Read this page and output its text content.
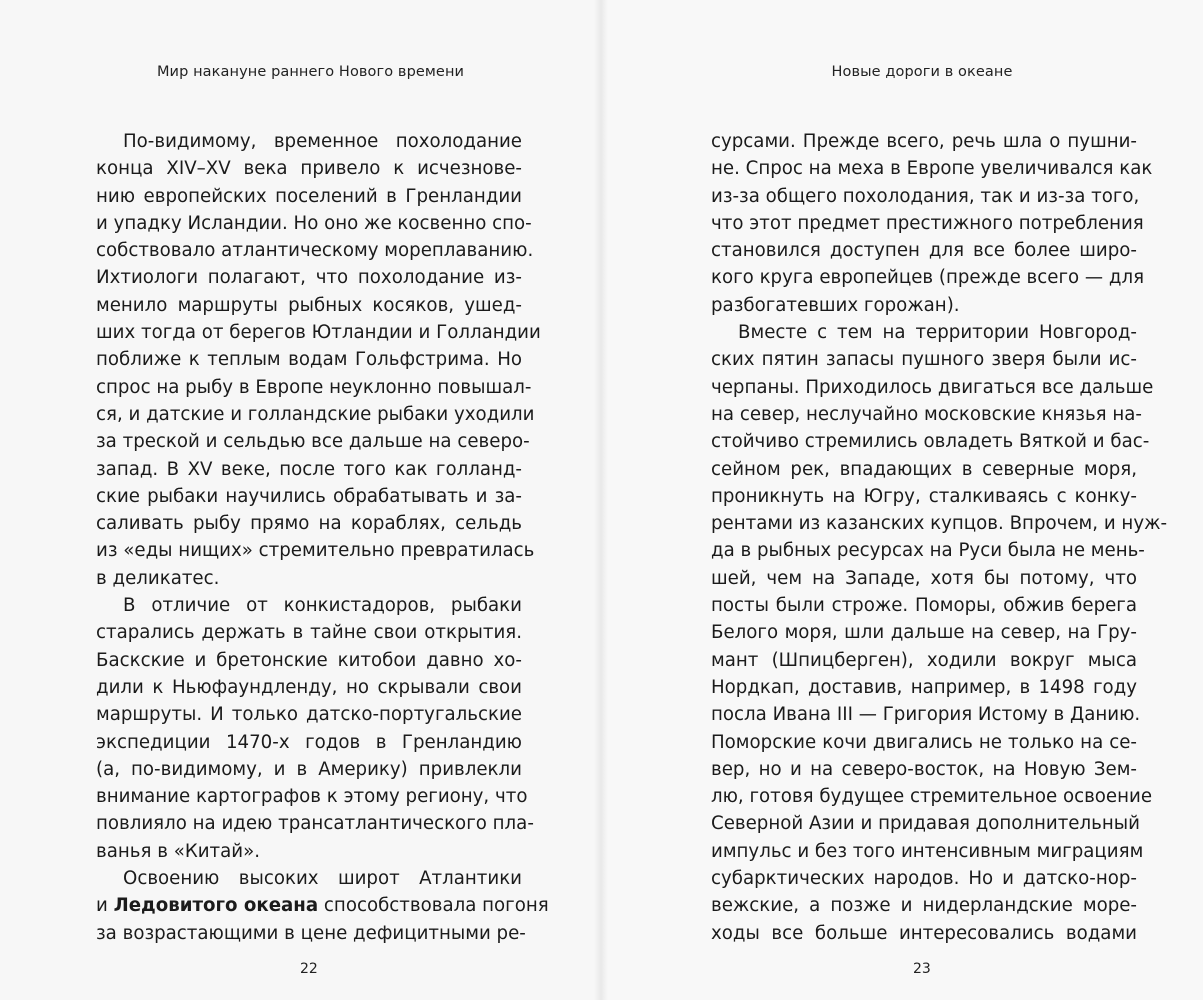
Мир накануне раннего Нового времени
По-видимому, временное похолодание
конца XIV–XV века привело к исчезнове-
нию европейских поселений в Гренландии
и упадку Исландии. Но оно же косвенно спо-
собствовало атлантическому мореплаванию.
Ихтиологи полагают, что похолодание из-
менило маршруты рыбных косяков, ушед-
ших тогда от берегов Ютландии и Голландии
поближе к теплым водам Гольфстрима. Но
спрос на рыбу в Европе неуклонно повышал-
ся, и датские и голландские рыбаки уходили
за треской и сельдью все дальше на северо-
запад. В XV веке, после того как голланд-
ские рыбаки научились обрабатывать и за-
саливать рыбу прямо на кораблях, сельдь
из «еды нищих» стремительно превратилась
в деликатес.
В отличие от конкистадоров, рыбаки
старались держать в тайне свои открытия.
Баскские и бретонские китобои давно хо-
дили к Ньюфаундленду, но скрывали свои
маршруты. И только датско-португальские
экспедиции 1470-х годов в Гренландию
(а, по-видимому, и в Америку) привлекли
внимание картографов к этому региону, что
повлияло на идею трансатлантического пла-
ванья в «Китай».
Освоению высоких широт Атлантики
и Ледовитого океана способствовала погоня
за возрастающими в цене дефицитными ре-
22
Новые дороги в океане
сурсами. Прежде всего, речь шла о пушни-
не. Спрос на меха в Европе увеличивался как
из-за общего похолодания, так и из-за того,
что этот предмет престижного потребления
становился доступен для все более широ-
кого круга европейцев (прежде всего — для
разбогатевших горожан).
Вместе с тем на территории Новгород-
ских пятин запасы пушного зверя были ис-
черпаны. Приходилось двигаться все дальше
на север, неслучайно московские князья на-
стойчиво стремились овладеть Вяткой и бас-
сейном рек, впадающих в северные моря,
проникнуть на Югру, сталкиваясь с конку-
рентами из казанских купцов. Впрочем, и нуж-
да в рыбных ресурсах на Руси была не мень-
шей, чем на Западе, хотя бы потому, что
посты были строже. Поморы, обжив берега
Белого моря, шли дальше на север, на Гру-
мант (Шпицберген), ходили вокруг мыса
Нордкап, доставив, например, в 1498 году
посла Ивана III — Григория Истому в Данию.
Поморские кочи двигались не только на се-
вер, но и на северо-восток, на Новую Зем-
лю, готовя будущее стремительное освоение
Северной Азии и придавая дополнительный
импульс и без того интенсивным миграциям
субарктических народов. Но и датско-нор-
вежские, а позже и нидерландские море-
ходы все больше интересовались водами
23
